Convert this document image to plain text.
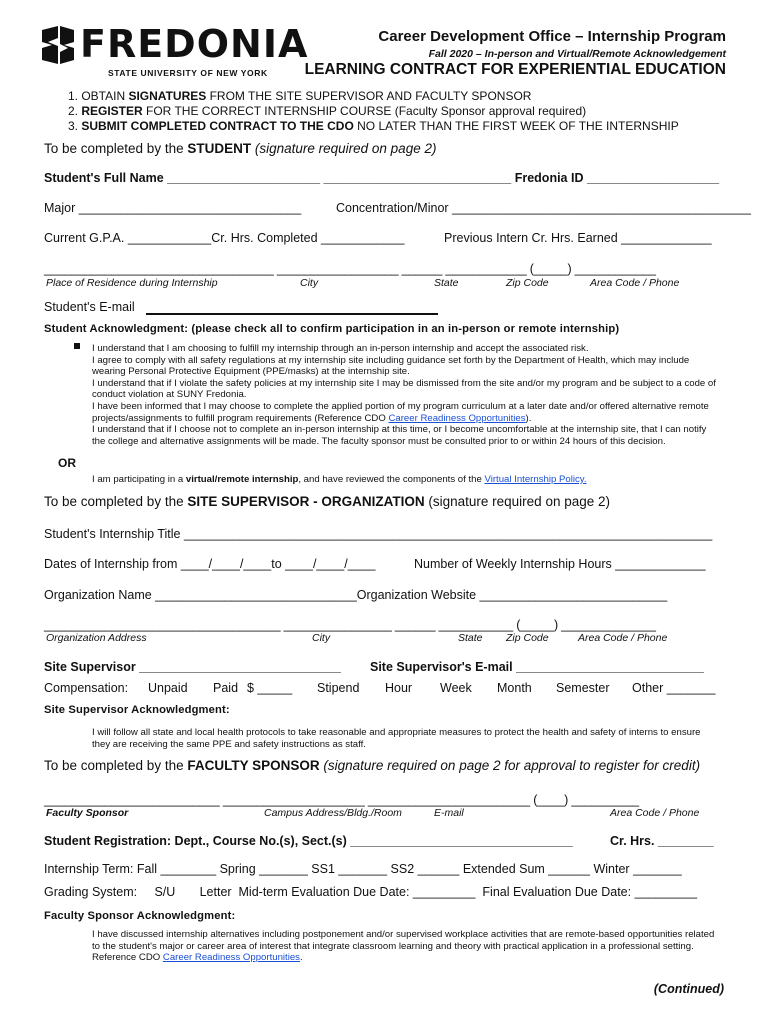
FREDONIA
STATE UNIVERSITY OF NEW YORK
Career Development Office – Internship Program
Fall 2020 – In-person and Virtual/Remote Acknowledgement
LEARNING CONTRACT FOR EXPERIENTIAL EDUCATION
1. OBTAIN SIGNATURES FROM THE SITE SUPERVISOR AND FACULTY SPONSOR
2. REGISTER FOR THE CORRECT INTERNSHIP COURSE (Faculty Sponsor approval required)
3. SUBMIT COMPLETED CONTRACT TO THE CDO NO LATER THAN THE FIRST WEEK OF THE INTERNSHIP
To be completed by the STUDENT (signature required on page 2)
Student's Full Name ______________________ ___________________________ Fredonia ID ___________________
Major ________________________________	Concentration/Minor ___________________________________________
Current G.P.A. ____________Cr. Hrs. Completed ____________	Previous Intern Cr. Hrs. Earned _____________
__________________________________ __________________ ______ ____________ (_____) ____________
Place of Residence during Internship	City	State	Zip Code	Area Code / Phone
Student's E-mail
Student Acknowledgment: (please check all to confirm participation in an in-person or remote internship)
I understand that I am choosing to fulfill my internship through an in-person internship and accept the associated risk.
I agree to comply with all safety regulations at my internship site including guidance set forth by the Department of Health, which may include wearing Personal Protective Equipment (PPE/masks) at the internship site.
I understand that if I violate the safety policies at my internship site I may be dismissed from the site and/or my program and be subject to a code of conduct violation at SUNY Fredonia.
I have been informed that I may choose to complete the applied portion of my program curriculum at a later date and/or offered alternative remote projects/assignments to fulfill program requirements (Reference CDO Career Readiness Opportunities).
I understand that if I choose not to complete an in-person internship at this time, or I become uncomfortable at the internship site, that I can notify the college and alternative assignments will be made. The faculty sponsor must be consulted prior to or within 24 hours of this decision.
OR
I am participating in a virtual/remote internship, and have reviewed the components of the Virtual Internship Policy.
To be completed by the SITE SUPERVISOR - ORGANIZATION (signature required on page 2)
Student's Internship Title ____________________________________________________________________________
Dates of Internship from ____/____/____to ____/____/____	Number of Weekly Internship Hours _____________
Organization Name _____________________________Organization Website ___________________________
___________________________________ ________________ ______ ___________ (_____) ______________
Organization Address	City	State Zip Code	Area Code / Phone
Site Supervisor _____________________________ Site Supervisor's E-mail ___________________________
Compensation: Unpaid Paid $ _____ Stipend Hour Week Month Semester Other _______
Site Supervisor Acknowledgment:
I will follow all state and local health protocols to take reasonable and appropriate measures to protect the health and safety of interns to ensure they are receiving the same PPE and safety instructions as staff.
To be completed by the FACULTY SPONSOR (signature required on page 2 for approval to register for credit)
__________________________ _____________________ ________________________ (____) __________
Faculty Sponsor	Campus Address/Bldg./Room	E-mail	Area Code / Phone
Student Registration: Dept., Course No.(s), Sect.(s) ________________________________	Cr. Hrs. ________
Internship Term: Fall ________ Spring _______ SS1 _______ SS2 ______ Extended Sum ______ Winter _______
Grading System:     S/U       Letter  Mid-term Evaluation Due Date: _________  Final Evaluation Due Date: _________
Faculty Sponsor Acknowledgment:
I have discussed internship alternatives including postponement and/or supervised workplace activities that are remote-based opportunities related to the student's major or career area of interest that integrate classroom learning and theory with practical application in a professional setting. Reference CDO Career Readiness Opportunities.
(Continued)
